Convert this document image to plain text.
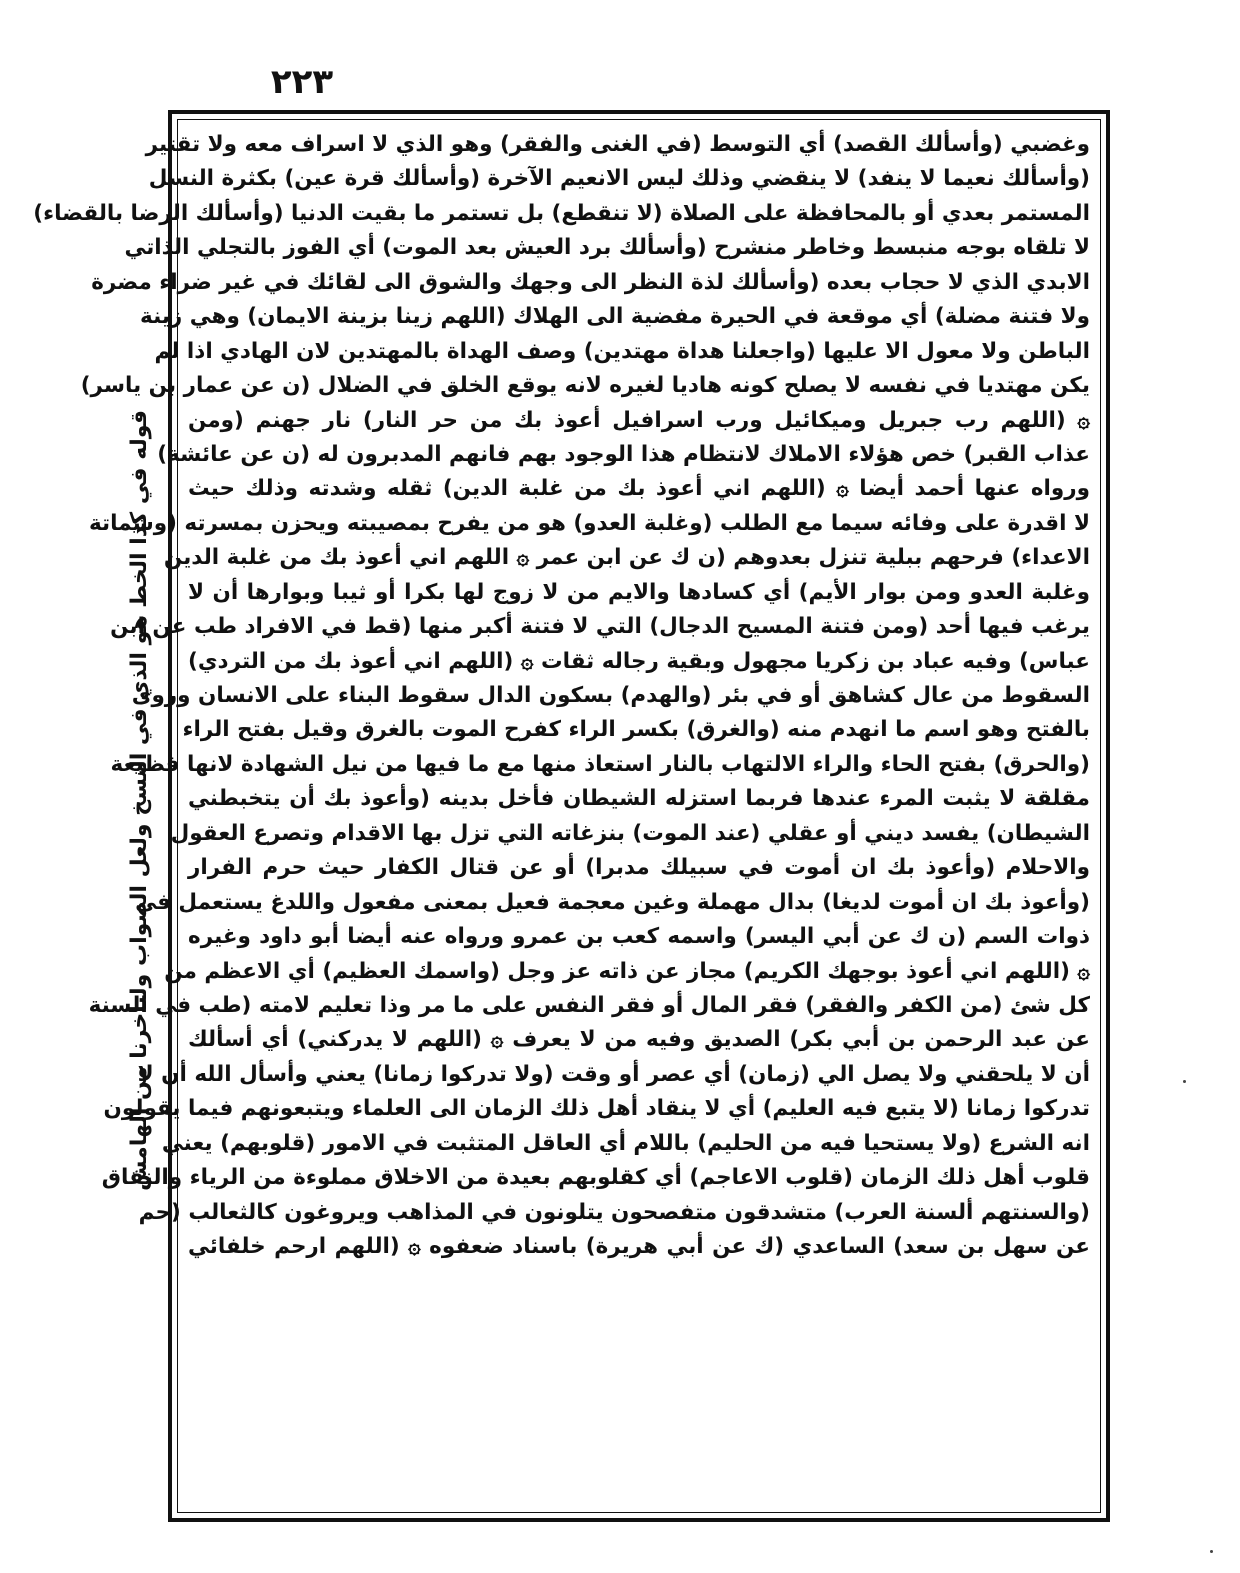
٢٢٣
قوله في كذا الخط هو الذي في النسخ ولعل الصواب ولتاخرنا من الهامش
وغضبي (وأسألك القصد) أي التوسط (في الغنى والفقر) وهو الذي لا اسراف معه ولا تقتير
(وأسألك نعيما لا ينفد) لا ينقضي وذلك ليس الانعيم الآخرة (وأسألك قرة عين) بكثرة النسل
المستمر بعدي أو بالمحافظة على الصلاة (لا تنقطع) بل تستمر ما بقيت الدنيا (وأسألك الرضا بالقضاء)
لا تلقاه بوجه منبسط وخاطر منشرح (وأسألك برد العيش بعد الموت) أي الفوز بالتجلي الذاتي
الابدي الذي لا حجاب بعده (وأسألك لذة النظر الى وجهك والشوق الى لقائك في غير ضراء مضرة
ولا فتنة مضلة) أي موقعة في الحيرة مفضية الى الهلاك (اللهم زينا بزينة الايمان) وهي زينة
الباطن ولا معول الا عليها (واجعلنا هداة مهتدين) وصف الهداة بالمهتدين لان الهادي اذا لم
يكن مهتديا في نفسه لا يصلح كونه هاديا لغيره لانه يوقع الخلق في الضلال (ن عن عمار بن ياسر)
۞ (اللهم رب جبريل وميكائيل ورب اسرافيل أعوذ بك من حر النار) نار جهنم (ومن
عذاب القبر) خص هؤلاء الاملاك لانتظام هذا الوجود بهم فانهم المدبرون له (ن عن عائشة)
ورواه عنها أحمد أيضا ۞ (اللهم اني أعوذ بك من غلبة الدين) ثقله وشدته وذلك حيث
لا اقدرة على وفائه سيما مع الطلب (وغلبة العدو) هو من يفرح بمصيبته ويحزن بمسرته (وشماتة
الاعداء) فرحهم ببلية تنزل بعدوهم (ن ك عن ابن عمر ۞ اللهم اني أعوذ بك من غلبة الدين
وغلبة العدو ومن بوار الأيم) أي كسادها والايم من لا زوج لها بكرا أو ثيبا وبوارها أن لا
يرغب فيها أحد (ومن فتنة المسيح الدجال) التي لا فتنة أكبر منها (قط في الافراد طب عن ابن
عباس) وفيه عباد بن زكريا مجهول وبقية رجاله ثقات ۞ (اللهم اني أعوذ بك من التردي)
السقوط من عال كشاهق أو في بئر (والهدم) بسكون الدال سقوط البناء على الانسان وروى
بالفتح وهو اسم ما انهدم منه (والغرق) بكسر الراء كفرح الموت بالغرق وقيل بفتح الراء
(والحرق) بفتح الحاء والراء الالتهاب بالنار استعاذ منها مع ما فيها من نيل الشهادة لانها فظيعة
مقلقة لا يثبت المرء عندها فربما استزله الشيطان فأخل بدينه (وأعوذ بك أن يتخبطني
الشيطان) يفسد ديني أو عقلي (عند الموت) بنزغاته التي تزل بها الاقدام وتصرع العقول
والاحلام (وأعوذ بك ان أموت في سبيلك مدبرا) أو عن قتال الكفار حيث حرم الفرار
(وأعوذ بك ان أموت لديغا) بدال مهملة وغين معجمة فعيل بمعنى مفعول واللدغ يستعمل في
ذوات السم (ن ك عن أبي اليسر) واسمه كعب بن عمرو ورواه عنه أيضا أبو داود وغيره
۞ (اللهم اني أعوذ بوجهك الكريم) مجاز عن ذاته عز وجل (واسمك العظيم) أي الاعظم من
كل شئ (من الكفر والفقر) فقر المال أو فقر النفس على ما مر وذا تعليم لامته (طب في السنة
عن عبد الرحمن بن أبي بكر) الصديق وفيه من لا يعرف ۞ (اللهم لا يدركني) أي أسألك
أن لا يلحقني ولا يصل الي (زمان) أي عصر أو وقت (ولا تدركوا زمانا) يعني وأسأل الله أن لا
تدركوا زمانا (لا يتبع فيه العليم) أي لا ينقاد أهل ذلك الزمان الى العلماء ويتبعونهم فيما يقولون
انه الشرع (ولا يستحيا فيه من الحليم) باللام أي العاقل المتثبت في الامور (قلوبهم) يعني
قلوب أهل ذلك الزمان (قلوب الاعاجم) أي كقلوبهم بعيدة من الاخلاق مملوءة من الرياء والنفاق
(والسنتهم ألسنة العرب) متشدقون متفصحون يتلونون في المذاهب ويروغون كالثعالب (حم
عن سهل بن سعد) الساعدي (ك عن أبي هريرة) باسناد ضعفوه ۞ (اللهم ارحم خلفائي
